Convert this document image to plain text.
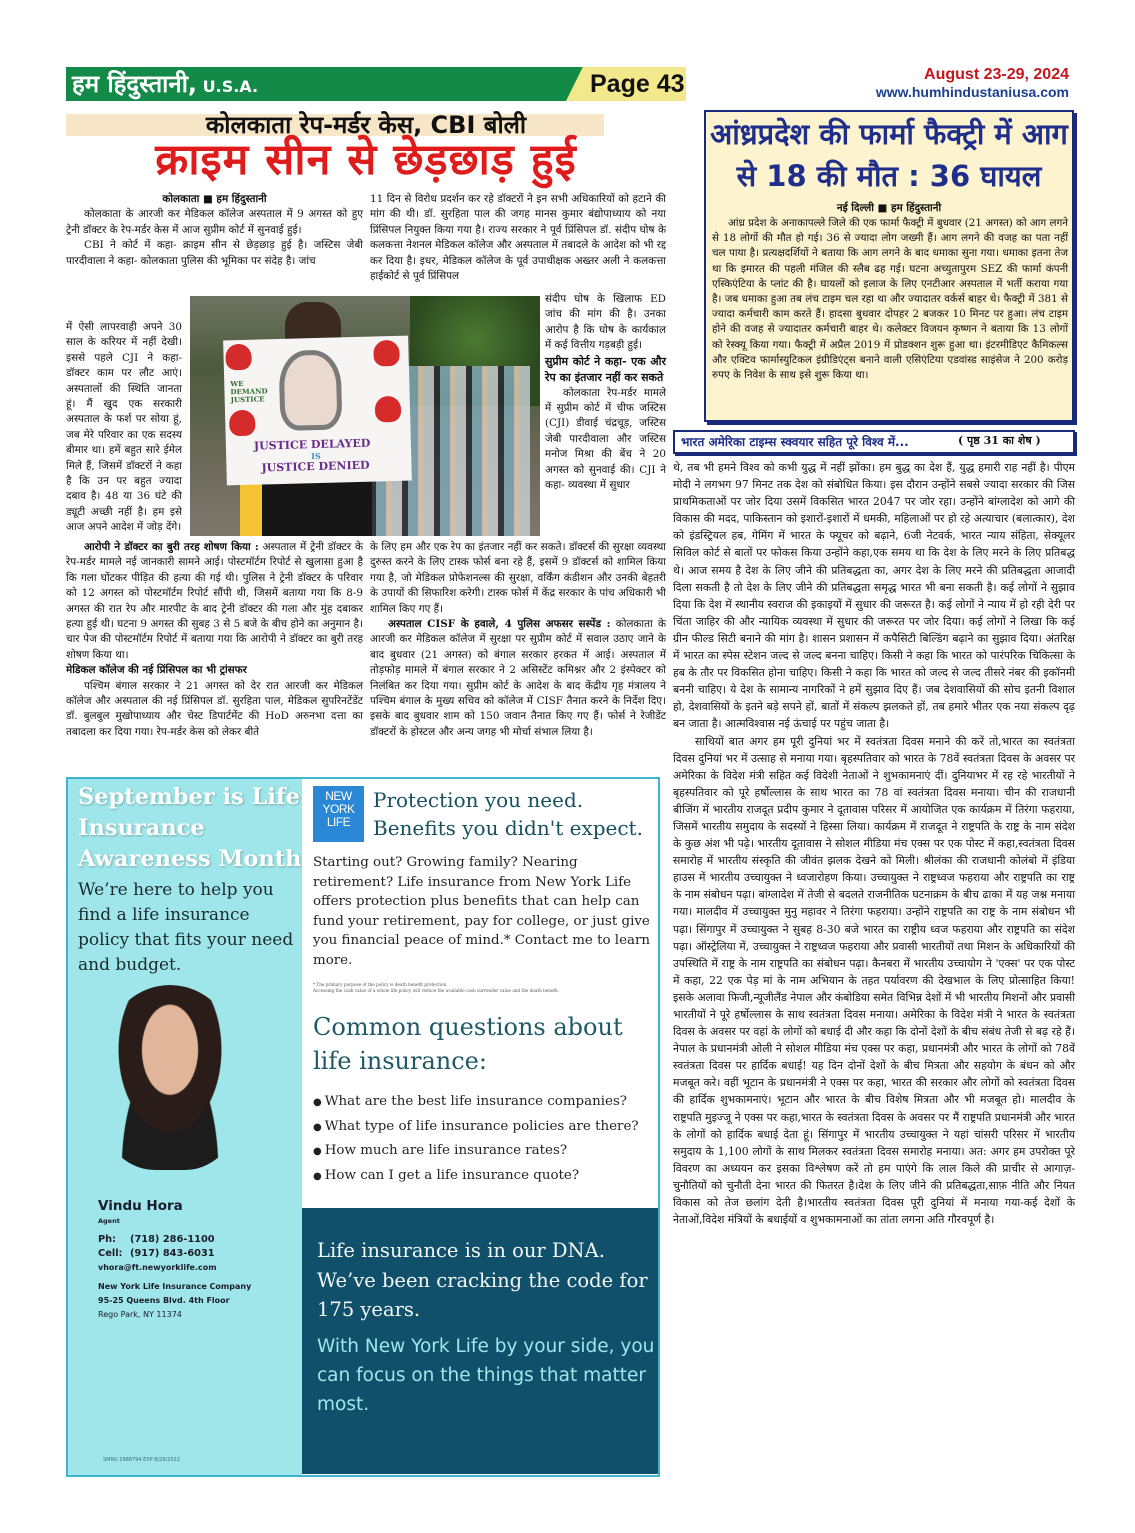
हम हिंदुस्तानी, U.S.A.	Page 43	August 23-29, 2024
www.humhindustaniusa.com
कोलकाता रेप-मर्डर केस, CBI बोली
क्राइम सीन से छेड़छाड़ हुई

कोलकाता ■ हम हिंदुस्तानी

कोलकाता के आरजी कर मेडिकल कॉलेज अस्पताल में 9 अगस्त को हुए ट्रेनी डॉक्टर के रेप-मर्डर केस में आज सुप्रीम कोर्ट में सुनवाई हुई।

CBI ने कोर्ट में कहा- क्राइम सीन से छेड़छाड़ हुई है। जस्टिस जेबी पारदीवाला ने कहा- कोलकाता पुलिस की भूमिका पर संदेह है। जांच

में ऐसी लापरवाही अपने 30 साल के करियर में नहीं देखी। इससे पहले CJI ने कहा- डॉक्टर काम पर लौट आएं। अस्पतालों की स्थिति जानता हूं। मैं खुद एक सरकारी अस्पताल के फर्श पर सोया हूं, जब मेरे परिवार का एक सदस्य बीमार था। हमें बहुत सारे ईमेल मिले हैं, जिसमें डॉक्टरों ने कहा है कि उन पर बहुत ज्यादा दबाव है। 48 या 36 घंटे की ड्यूटी अच्छी नहीं है। हम इसे आज अपने आदेश में जोड़ देंगे।

आरोपी ने डॉक्टर का बुरी तरह शोषण किया : अस्पताल में ट्रेनी डॉक्टर के रेप-मर्डर मामले नई जानकारी सामने आई। पोस्टमॉर्टम रिपोर्ट से खुलासा हुआ है कि गला घोंटकर पीड़ित की हत्या की गई थी। पुलिस ने ट्रेनी डॉक्टर के परिवार को 12 अगस्त को पोस्टमॉर्टम रिपोर्ट सौंपी थी, जिसमें बताया गया कि 8-9 अगस्त की रात रेप और मारपीट के बाद ट्रेनी डॉक्टर की गला और मुंह दबाकर हत्या हुई थी। घटना 9 अगस्त की सुबह 3 से 5 बजे के बीच होने का अनुमान है। चार पेज की पोस्टमॉर्टम रिपोर्ट में बताया गया कि आरोपी ने डॉक्टर का बुरी तरह शोषण किया था।

मेडिकल कॉलेज की नई प्रिंसिपल का भी ट्रांसफर

पश्चिम बंगाल सरकार ने 21 अगस्त को देर रात आरजी कर मेडिकल कॉलेज और अस्पताल की नई प्रिंसिपल डॉ. सुरहिता पाल, मेडिकल सुपरिनटेंडेंट डॉ. बुलबुल मुखोपाध्याय और चेस्ट डिपार्टमेंट की HoD अरुनभा दत्ता का तबादला कर दिया गया। रेप-मर्डर केस को लेकर बीते

11 दिन से विरोध प्रदर्शन कर रहे डॉक्टरों ने इन सभी अधिकारियों को हटाने की मांग की थी। डॉ. सुरहिता पाल की जगह मानस कुमार बंद्योपाध्याय को नया प्रिंसिपल नियुक्त किया गया है। राज्य सरकार ने पूर्व प्रिंसिपल डॉ. संदीप घोष के कलकत्ता नेशनल मेडिकल कॉलेज और अस्पताल में तबादले के आदेश को भी रद्द कर दिया है। इधर, मेडिकल कॉलेज के पूर्व उपाधीक्षक अख्तर अली ने कलकत्ता हाईकोर्ट से पूर्व प्रिंसिपल
संदीप घोष के खिलाफ ED जांच की मांग की है। उनका आरोप है कि घोष के कार्यकाल में कई वित्तीय गड़बड़ी हुई।
सुप्रीम कोर्ट ने कहा- एक और रेप का इंतजार नहीं कर सकते

कोलकाता रेप-मर्डर मामले में सुप्रीम कोर्ट में चीफ जस्टिस (CJI) डीवाई चंद्रचूड़, जस्टिस जेबी पारदीवाला और जस्टिस मनोज मिश्रा की बेंच ने 20 अगस्त को सुनवाई की। CJI ने कहा- व्यवस्था में सुधार

के लिए हम और एक रेप का इंतजार नहीं कर सकते। डॉक्टर्स की सुरक्षा व्यवस्था दुरुस्त करने के लिए टास्क फोर्स बना रहे हैं, इसमें 9 डॉक्टर्स को शामिल किया गया है, जो मेडिकल प्रोफेशनल्स की सुरक्षा, वर्किंग कंडीशन और उनकी बेहतरी के उपायों की सिफारिश करेगी। टास्क फोर्स में केंद्र सरकार के पांच अधिकारी भी शामिल किए गए हैं।

अस्पताल CISF के हवाले, 4 पुलिस अफसर सस्पेंड : कोलकाता के आरजी कर मेडिकल कॉलेज में सुरक्षा पर सुप्रीम कोर्ट में सवाल उठाए जाने के बाद बुधवार (21 अगस्त) को बंगाल सरकार हरकत में आई। अस्पताल में तोड़फोड़ मामले में बंगाल सरकार ने 2 असिस्टेंट कमिश्नर और 2 इंस्पेक्टर को निलंबित कर दिया गया। सुप्रीम कोर्ट के आदेश के बाद केंद्रीय गृह मंत्रालय ने पश्चिम बंगाल के मुख्य सचिव को कॉलेज में CISF तैनात करने के निर्देश दिए। इसके बाद बुधवार शाम को 150 जवान तैनात किए गए हैं। फोर्स ने रेजीडेंट डॉक्टरों के होस्टल और अन्य जगह भी मोर्चा संभाल लिया है।

WE DEMAND JUSTICE
JUSTICE DELAYED
IS
JUSTICE DENIED
आंध्रप्रदेश की फार्मा फैक्ट्री में आग से 18 की मौत : 36 घायल
नई दिल्ली ■ हम हिंदुस्तानी

आंध्र प्रदेश के अनाकापल्ले जिले की एक फार्मा फैक्ट्री में बुधवार (21 अगस्त) को आग लगने से 18 लोगों की मौत हो गई। 36 से ज्यादा लोग जख्मी हैं। आग लगने की वजह का पता नहीं चल पाया है। प्रत्यक्षदर्शियों ने बताया कि आग लगने के बाद धमाका सुना गया। धमाका इतना तेज था कि इमारत की पहली मंजिल की स्लैब ढह गई। घटना अच्युतापुरम SEZ की फार्मा कंपनी एस्किएंटिया के प्लांट की है। घायलों को इलाज के लिए एनटीआर अस्पताल में भर्ती कराया गया है। जब धमाका हुआ तब लंच टाइम चल रहा था और ज्यादातर वर्कर्स बाहर थे। फैक्ट्री में 381 से ज्यादा कर्मचारी काम करते हैं। हादसा बुधवार दोपहर 2 बजकर 10 मिनट पर हुआ। लंच टाइम होने की वजह से ज्यादातर कर्मचारी बाहर थे। कलेक्टर विजयन कृष्णन ने बताया कि 13 लोगों को रेस्क्यू किया गया। फैक्ट्री में अप्रैल 2019 में प्रोडक्शन शुरू हुआ था। इंटरमीडिएट कैमिकल्स और एक्टिव फार्मास्युटिकल इंग्रीडिएंट्स बनाने वाली एसिएंटिया एडवांस्ड साइंसेज ने 200 करोड़ रुपए के निवेश के साथ इसे शुरू किया था।

भारत अमेरिका टाइम्स स्क्वयार सहित पूरे विश्व में...	( पृष्ठ 31 का शेष )

थे, तब भी हमने विश्व को कभी युद्ध में नहीं झोंका। हम बुद्ध का देश हैं, युद्ध हमारी राह नहीं है। पीएम मोदी ने लगभग 97 मिनट तक देश को संबोधित किया। इस दौरान उन्होंने सबसे ज्यादा सरकार की जिस प्राथमिकताओं पर जोर दिया उसमें विकसित भारत 2047 पर जोर रहा। उन्होंने बांग्लादेश को आगे की विकास की मदद, पाकिस्तान को इशारों-इशारों में धमकी, महिलाओं पर हो रहे अत्याचार (बलात्कार), देश को इंडस्ट्रियल हब, गेमिंग में भारत के फ्यूचर को बढ़ाने, 6जी नेटवर्क, भारत न्याय संहिता, सेक्यूलर सिविल कोर्ट से बातों पर फोकस किया उन्होंने कहा,एक समय था कि देश के लिए मरने के लिए प्रतिबद्ध थे। आज समय है देश के लिए जीने की प्रतिबद्धता का, अगर देश के लिए मरने की प्रतिबद्धता आजादी दिला सकती है तो देश के लिए जीने की प्रतिबद्धता समृद्ध भारत भी बना सकती है। कई लोगों ने सुझाव दिया कि देश में स्थानीय स्वराज की इकाइयों में सुधार की जरूरत है। कई लोगों ने न्याय में हो रही देरी पर चिंता जाहिर की और न्यायिक व्यवस्था में सुधार की जरूरत पर जोर दिया। कई लोगों ने लिखा कि कई ग्रीन फील्ड सिटी बनाने की मांग है। शासन प्रशासन में कपैसिटी बिल्डिंग बढ़ाने का सुझाव दिया। अंतरिक्ष में भारत का स्पेस स्टेशन जल्द से जल्द बनना चाहिए। किसी ने कहा कि भारत को पारंपरिक चिकित्सा के हब के तौर पर विकसित होना चाहिए। किसी ने कहा कि भारत को जल्द से जल्द तीसरे नंबर की इकॉनमी बननी चाहिए। ये देश के सामान्य नागरिकों ने हमें सुझाव दिए हैं। जब देशवासियों की सोच इतनी विशाल हो, देशवासियों के इतने बड़े सपने हों, बातों में संकल्प झलकते हों, तब हमारे भीतर एक नया संकल्प दृढ़ बन जाता है। आत्मविश्वास नई ऊंचाई पर पहुंच जाता है।

साथियों बात अगर हम पूरी दुनियां भर में स्वतंत्रता दिवस मनाने की करें तो,भारत का स्वतंत्रता दिवस दुनियां भर में उत्साह से मनाया गया। बृहस्पतिवार को भारत के 78वें स्वतंत्रता दिवस के अवसर पर अमेरिका के विदेश मंत्री सहित कई विदेशी नेताओं ने शुभकामनाएं दीं। दुनियाभर में रह रहे भारतीयों ने बृहस्पतिवार को पूरे हर्षोल्लास के साथ भारत का 78 वां स्वतंत्रता दिवस मनाया। चीन की राजधानी बीजिंग में भारतीय राजदूत प्रदीप कुमार ने दूतावास परिसर में आयोजित एक कार्यक्रम में तिरंगा फहराया, जिसमें भारतीय समुदाय के सदस्यों ने हिस्सा लिया। कार्यक्रम में राजदूत ने राष्ट्रपति के राष्ट्र के नाम संदेश के कुछ अंश भी पढ़े। भारतीय दूतावास ने सोशल मीडिया मंच एक्स पर एक पोस्ट में कहा,स्वतंत्रता दिवस समारोह में भारतीय संस्कृति की जीवंत झलक देखने को मिली। श्रीलंका की राजधानी कोलंबो में इंडिया हाउस में भारतीय उच्चायुक्त ने ध्वजारोहण किया। उच्चायुक्त ने राष्ट्रध्वज फहराया और राष्ट्रपति का राष्ट्र के नाम संबोधन पढ़ा। बांग्लादेश में तेजी से बदलते राजनीतिक घटनाक्रम के बीच ढाका में यह जश्न मनाया गया। मालदीव में उच्चायुक्त मुनु महावर ने तिरंगा फहराया। उन्होंने राष्ट्रपति का राष्ट्र के नाम संबोधन भी पढ़ा। सिंगापुर में उच्चायुक्त ने सुबह 8-30 बजे भारत का राष्ट्रीय ध्वज फहराया और राष्ट्रपति का संदेश पढ़ा। ऑस्ट्रेलिया में, उच्चायुक्त ने राष्ट्रध्वज फहराया और प्रवासी भारतीयों तथा मिशन के अधिकारियों की उपस्थिति में राष्ट्र के नाम राष्ट्रपति का संबोधन पढ़ा। कैनबरा में भारतीय उच्चायोग ने 'एक्स' पर एक पोस्ट में कहा, 22 एक पेड़ मां के नाम अभियान के तहत पर्यावरण की देखभाल के लिए प्रोत्साहित किया! इसके अलावा फिजी,न्यूजीलैंड नेपाल और कंबोडिया समेत विभिन्न देशों में भी भारतीय मिशनों और प्रवासी भारतीयों ने पूरे हर्षोल्लास के साथ स्वतंत्रता दिवस मनाया। अमेरिका के विदेश मंत्री ने भारत के स्वतंत्रता दिवस के अवसर पर वहां के लोगों को बधाई दी और कहा कि दोनों देशों के बीच संबंध तेजी से बढ़ रहे हैं। नेपाल के प्रधानमंत्री ओली ने सोशल मीडिया मंच एक्स पर कहा, प्रधानमंत्री और भारत के लोगों को 78वें स्वतंत्रता दिवस पर हार्दिक बधाई! यह दिन दोनों देशों के बीच मित्रता और सहयोग के बंधन को और मजबूत करे। वहीं भूटान के प्रधानमंत्री ने एक्स पर कहा, भारत की सरकार और लोगों को स्वतंत्रता दिवस की हार्दिक शुभकामनाएं। भूटान और भारत के बीच विशेष मित्रता और भी मजबूत हो। मालदीव के राष्ट्रपति मुइज्जू ने एक्स पर कहा,भारत के स्वतंत्रता दिवस के अवसर पर मैं राष्ट्रपति प्रधानमंत्री और भारत के लोगों को हार्दिक बधाई देता हूं। सिंगापुर में भारतीय उच्चायुक्त ने यहां चांसरी परिसर में भारतीय समुदाय के 1,100 लोगों के साथ मिलकर स्वतंत्रता दिवस समारोह मनाया। अत: अगर हम उपरोक्त पूरे विवरण का अध्ययन कर इसका विश्लेषण करें तो हम पाएंगे कि लाल किले की प्राचीर से आगाज़-चुनौतियों को चुनौती देना भारत की फितरत है।देश के लिए जीने की प्रतिबद्धता,साफ़ नीति और नियत विकास को तेज छलांग देती है।भारतीय स्वतंत्रता दिवस पूरी दुनियां में मनाया गया-कई देशों के नेताओं,विदेश मंत्रियों के बधाईयों व शुभकामनाओं का तांता लगना अति गौरवपूर्ण है।

September is Life Insurance Awareness Month
We’re here to help you find a life insurance policy that fits your need and budget.
Vindu Hora
Agent
Ph:	(718) 286-1100
Cell: (917) 843-6031
vhora@ft.newyorklife.com
New York Life Insurance Company
95-25 Queens Blvd. 4th Floor
Rego Park, NY 11374
SMRU 1968794 EXP 8/29/2022
NEW YORK LIFE
Protection you need.
Benefits you didn't expect.
Starting out? Growing family? Nearing retirement? Life insurance from New York Life offers protection plus benefits that can help can fund your retirement, pay for college, or just give you financial peace of mind.* Contact me to learn more.
* The primary purpose of the policy is death benefit protection.
Accessing the cash value of a whole life policy will reduce the available cash surrender value and the death benefit.
Common questions about life insurance:
● What are the best life insurance companies?
● What type of life insurance policies are there?
● How much are life insurance rates?
● How can I get a life insurance quote?
Life insurance is in our DNA. We’ve been cracking the code for 175 years.
With New York Life by your side, you can focus on the things that matter most.
